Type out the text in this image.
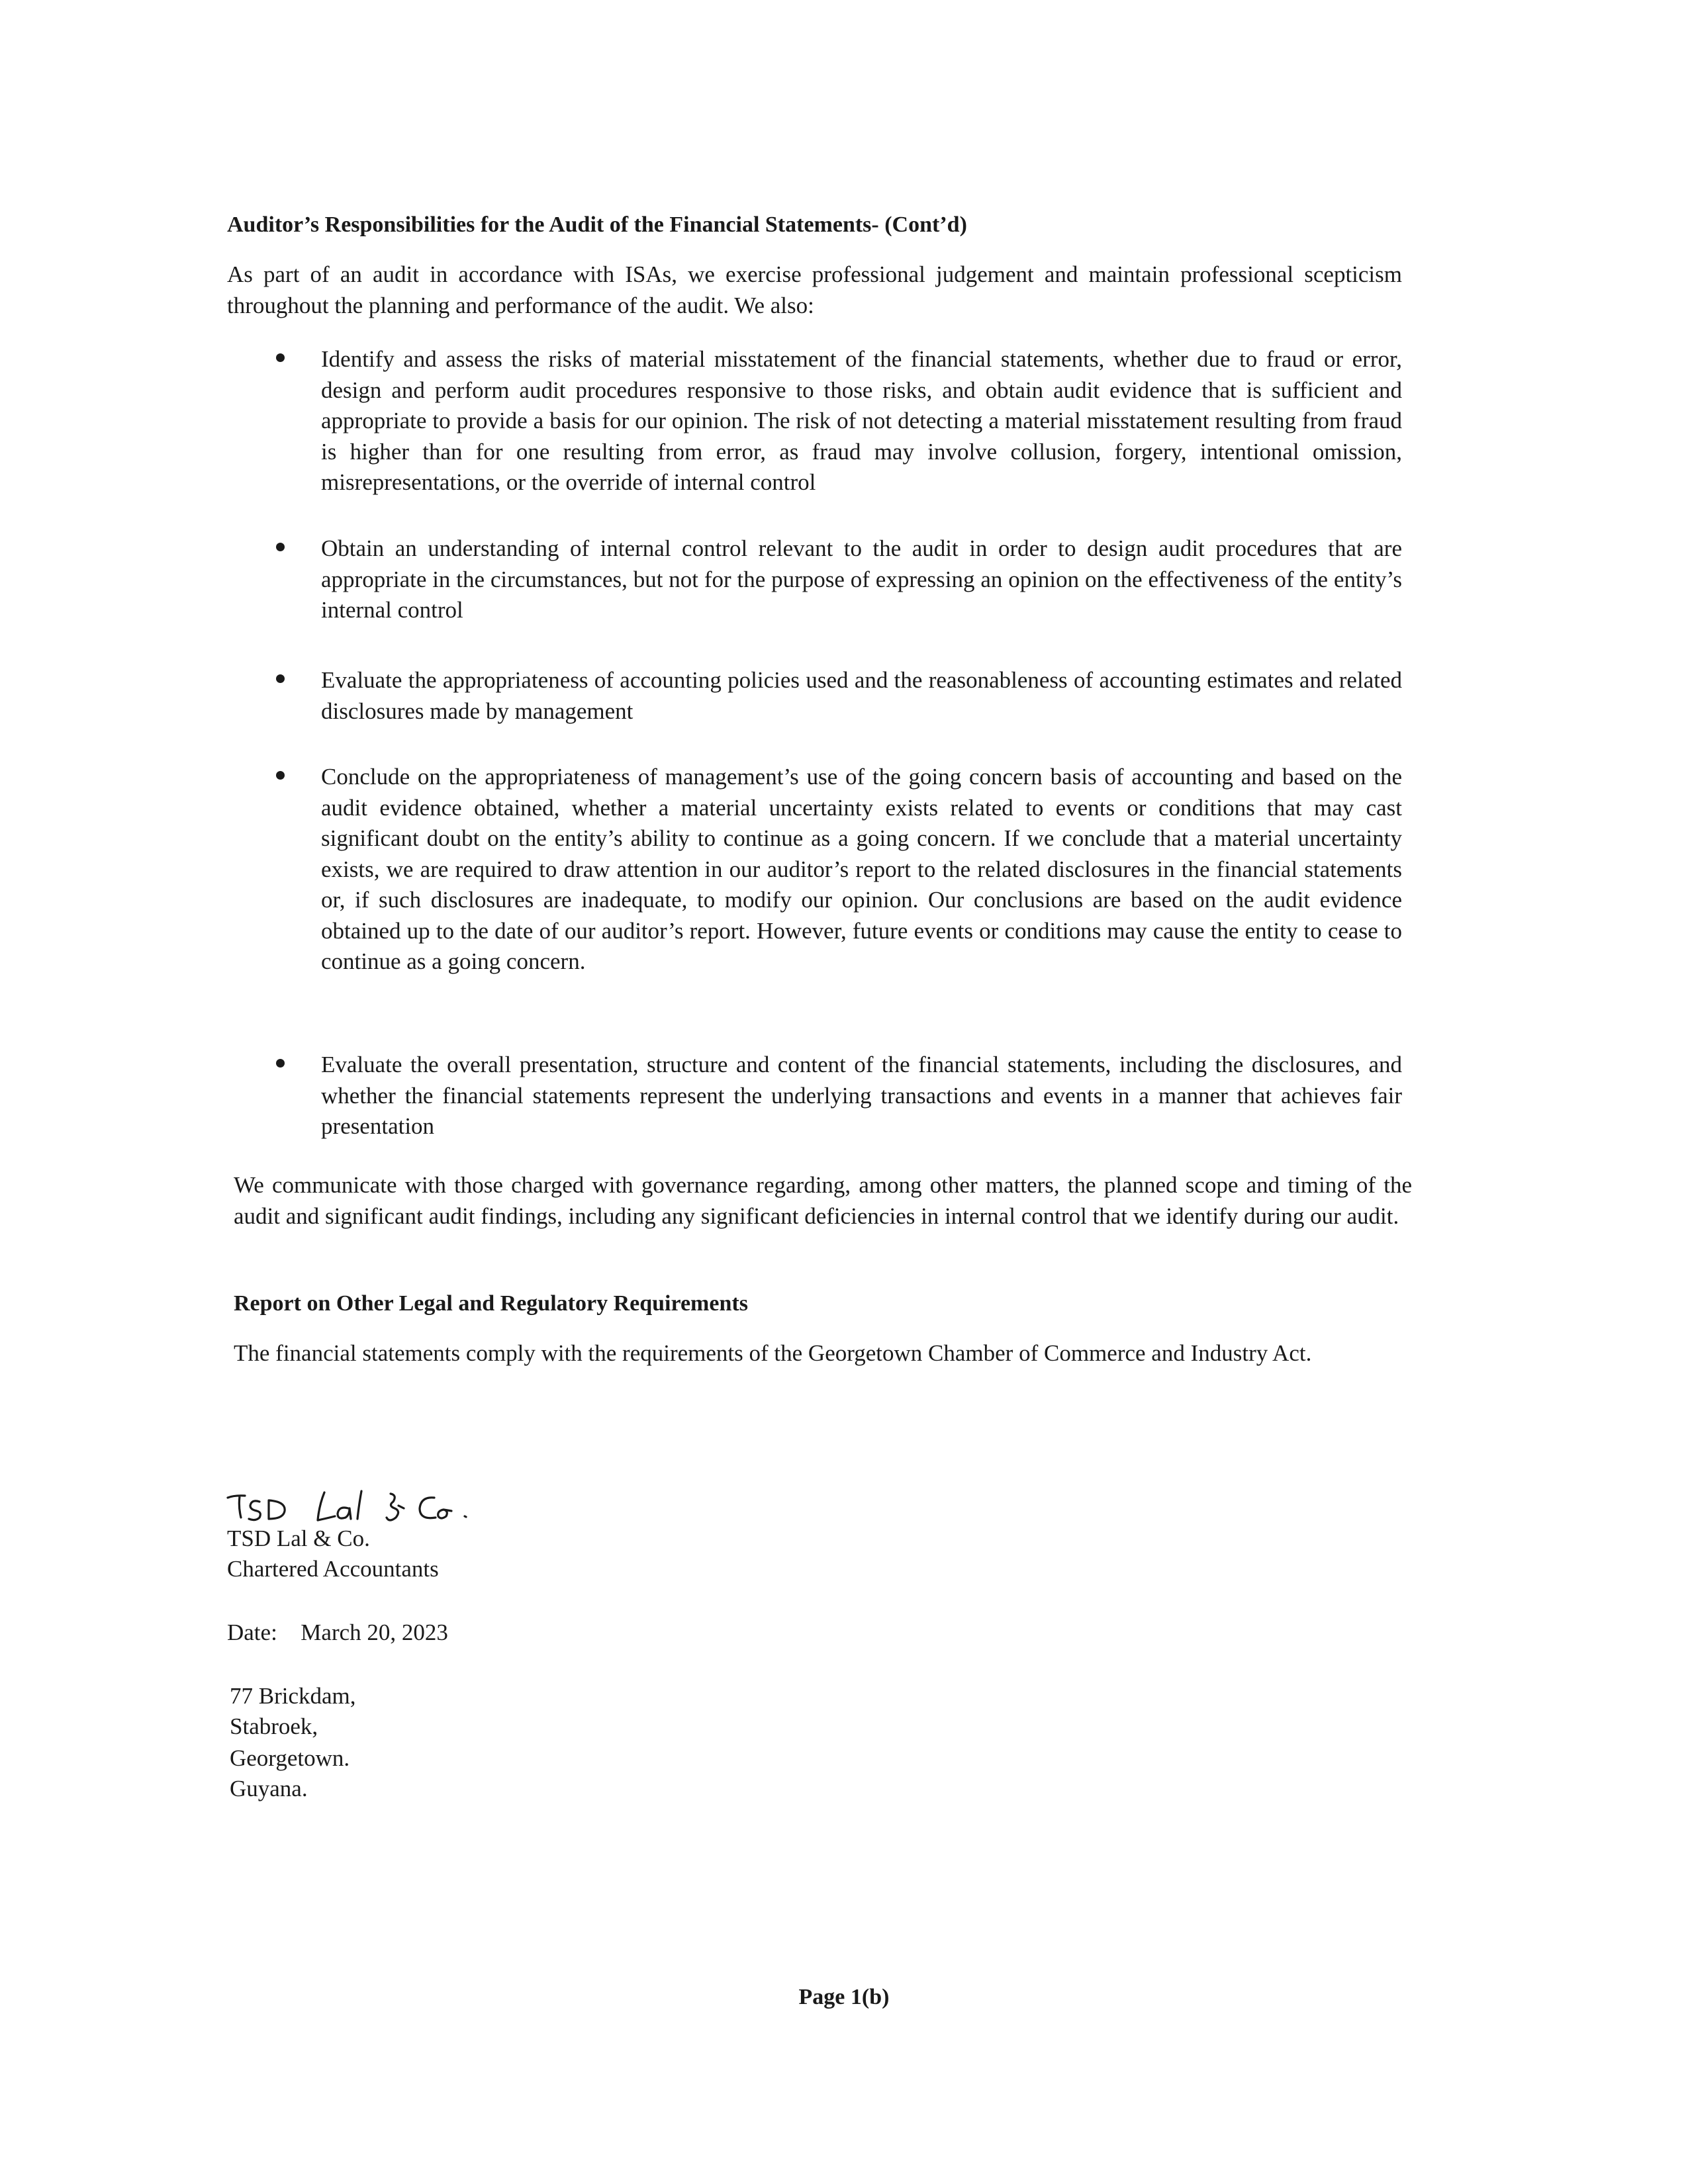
Auditor’s Responsibilities for the Audit of the Financial Statements- (Cont’d)

As part of an audit in accordance with ISAs, we exercise professional judgement and maintain professional scepticism throughout the planning and performance of the audit. We also:

Identify and assess the risks of material misstatement of the financial statements, whether due to fraud or error, design and perform audit procedures responsive to those risks, and obtain audit evidence that is sufficient and appropriate to provide a basis for our opinion. The risk of not detecting a material misstatement resulting from fraud is higher than for one resulting from error, as fraud may involve collusion, forgery, intentional omission, misrepresentations, or the override of internal control

Obtain an understanding of internal control relevant to the audit in order to design audit procedures that are appropriate in the circumstances, but not for the purpose of expressing an opinion on the effectiveness of the entity’s internal control

Evaluate the appropriateness of accounting policies used and the reasonableness of accounting estimates and related disclosures made by management

Conclude on the appropriateness of management’s use of the going concern basis of accounting and based on the audit evidence obtained, whether a material uncertainty exists related to events or conditions that may cast significant doubt on the entity’s ability to continue as a going concern. If we conclude that a material uncertainty exists, we are required to draw attention in our auditor’s report to the related disclosures in the financial statements or, if such disclosures are inadequate, to modify our opinion. Our conclusions are based on the audit evidence obtained up to the date of our auditor’s report. However, future events or conditions may cause the entity to cease to continue as a going concern.

Evaluate the overall presentation, structure and content of the financial statements, including the disclosures, and whether the financial statements represent the underlying transactions and events in a manner that achieves fair presentation

We communicate with those charged with governance regarding, among other matters, the planned scope and timing of the audit and significant audit findings, including any significant deficiencies in internal control that we identify during our audit.

Report on Other Legal and Regulatory Requirements

The financial statements comply with the requirements of the Georgetown Chamber of Commerce and Industry Act.

TSD Lal & Co.

Chartered Accountants

Date: March 20, 2023

77 Brickdam,

Stabroek,

Georgetown.

Guyana.

Page 1(b)
